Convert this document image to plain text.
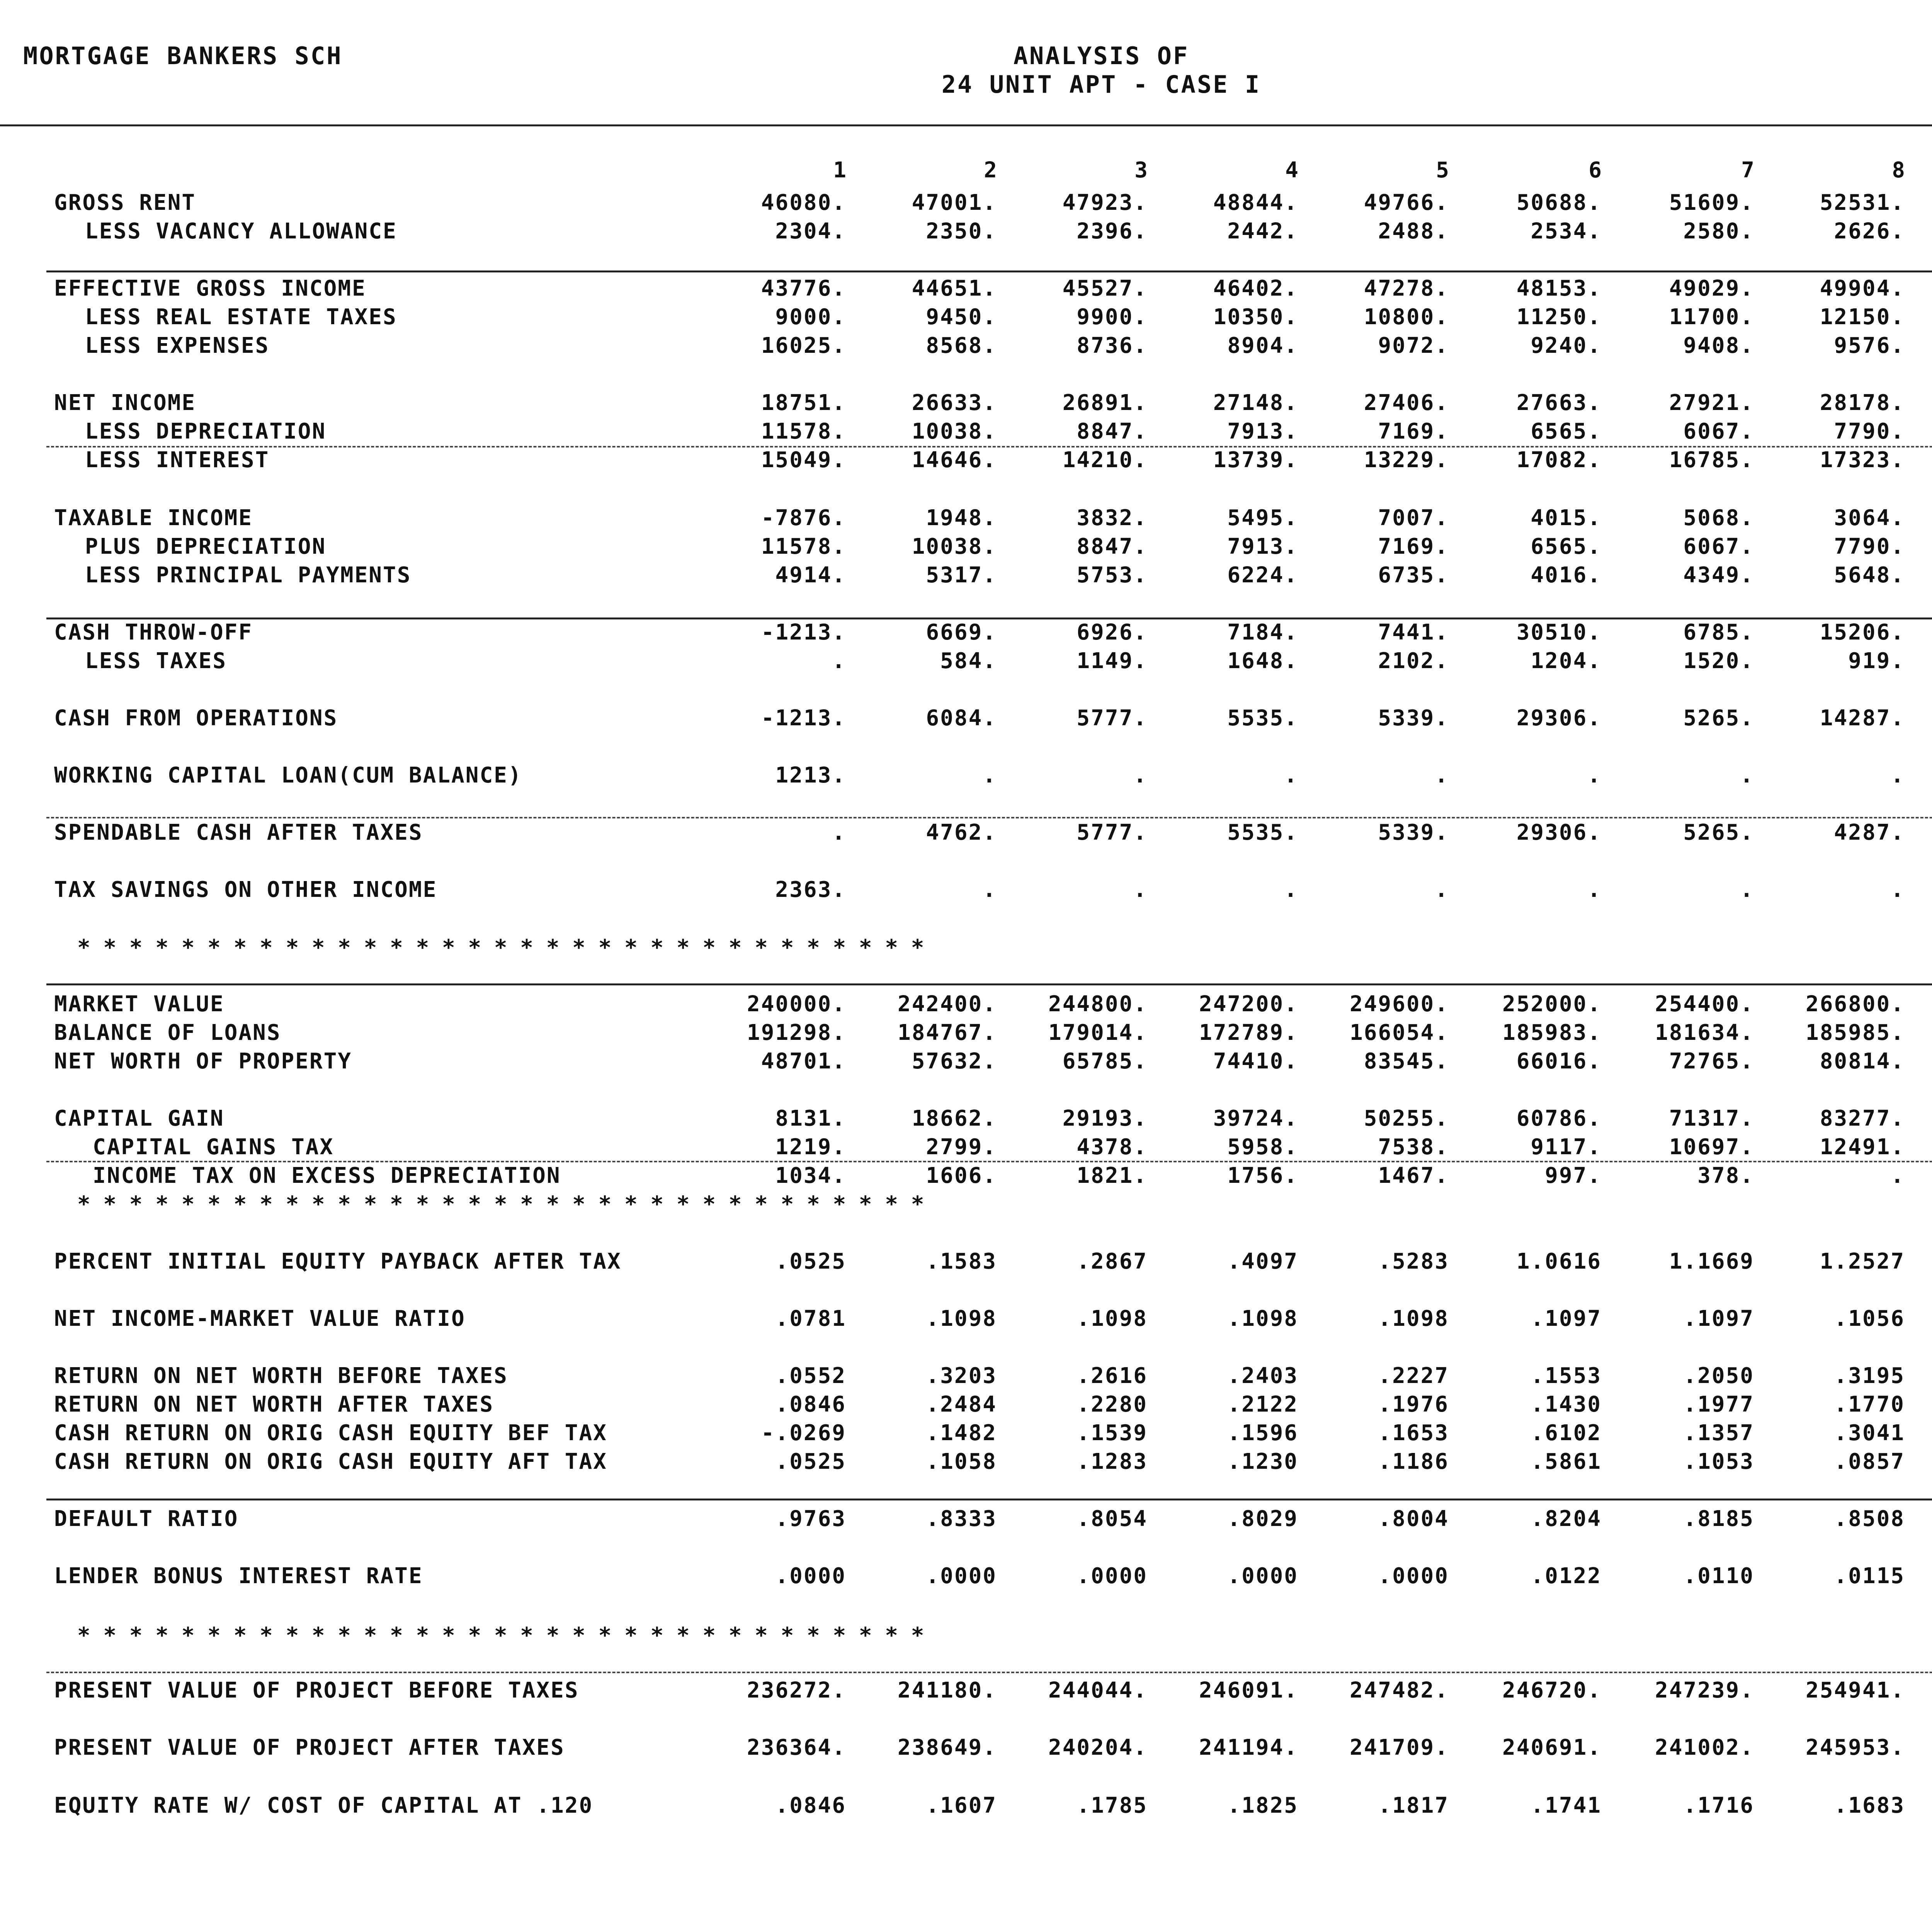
MORTGAGE BANKERS SCH	ANALYSIS OF
24 UNIT APT - CASE I
1	2	3	4	5	6	7	8
GROSS RENT	46080.	47001.	47923.	48844.	49766.	50688.	51609.	52531.
LESS VACANCY ALLOWANCE	2304.	2350.	2396.	2442.	2488.	2534.	2580.	2626.
EFFECTIVE GROSS INCOME	43776.	44651.	45527.	46402.	47278.	48153.	49029.	49904.
LESS REAL ESTATE TAXES	9000.	9450.	9900.	10350.	10800.	11250.	11700.	12150.
LESS EXPENSES	16025.	8568.	8736.	8904.	9072.	9240.	9408.	9576.
NET INCOME	18751.	26633.	26891.	27148.	27406.	27663.	27921.	28178.
LESS DEPRECIATION	11578.	10038.	8847.	7913.	7169.	6565.	6067.	7790.
LESS INTEREST	15049.	14646.	14210.	13739.	13229.	17082.	16785.	17323.
TAXABLE INCOME	-7876.	1948.	3832.	5495.	7007.	4015.	5068.	3064.
PLUS DEPRECIATION	11578.	10038.	8847.	7913.	7169.	6565.	6067.	7790.
LESS PRINCIPAL PAYMENTS	4914.	5317.	5753.	6224.	6735.	4016.	4349.	5648.
CASH THROW-OFF	-1213.	6669.	6926.	7184.	7441.	30510.	6785.	15206.
LESS TAXES	.	584.	1149.	1648.	2102.	1204.	1520.	919.
CASH FROM OPERATIONS	-1213.	6084.	5777.	5535.	5339.	29306.	5265.	14287.
WORKING CAPITAL LOAN(CUM BALANCE)	1213.	.	.	.	.	.	.	.
SPENDABLE CASH AFTER TAXES	.	4762.	5777.	5535.	5339.	29306.	5265.	4287.
TAX SAVINGS ON OTHER INCOME	2363.	.	.	.	.	.	.	.
MARKET VALUE	240000.	242400.	244800.	247200.	249600.	252000.	254400.	266800.
BALANCE OF LOANS	191298.	184767.	179014.	172789.	166054.	185983.	181634.	185985.
NET WORTH OF PROPERTY	48701.	57632.	65785.	74410.	83545.	66016.	72765.	80814.
CAPITAL GAIN	8131.	18662.	29193.	39724.	50255.	60786.	71317.	83277.
CAPITAL GAINS TAX	1219.	2799.	4378.	5958.	7538.	9117.	10697.	12491.
INCOME TAX ON EXCESS DEPRECIATION	1034.	1606.	1821.	1756.	1467.	997.	378.	.
PERCENT INITIAL EQUITY PAYBACK AFTER TAX	.0525	.1583	.2867	.4097	.5283	1.0616	1.1669	1.2527
NET INCOME-MARKET VALUE RATIO	.0781	.1098	.1098	.1098	.1098	.1097	.1097	.1056
RETURN ON NET WORTH BEFORE TAXES	.0552	.3203	.2616	.2403	.2227	.1553	.2050	.3195
RETURN ON NET WORTH AFTER TAXES	.0846	.2484	.2280	.2122	.1976	.1430	.1977	.1770
CASH RETURN ON ORIG CASH EQUITY BEF TAX	-.0269	.1482	.1539	.1596	.1653	.6102	.1357	.3041
CASH RETURN ON ORIG CASH EQUITY AFT TAX	.0525	.1058	.1283	.1230	.1186	.5861	.1053	.0857
DEFAULT RATIO	.9763	.8333	.8054	.8029	.8004	.8204	.8185	.8508
LENDER BONUS INTEREST RATE	.0000	.0000	.0000	.0000	.0000	.0122	.0110	.0115
PRESENT VALUE OF PROJECT BEFORE TAXES	236272.	241180.	244044.	246091.	247482.	246720.	247239.	254941.
PRESENT VALUE OF PROJECT AFTER TAXES	236364.	238649.	240204.	241194.	241709.	240691.	241002.	245953.
EQUITY RATE W/ COST OF CAPITAL AT .120	.0846	.1607	.1785	.1825	.1817	.1741	.1716	.1683
* * * * * * * * * * * * * * * * * * * * * * * * * * * * * * * * *
* * * * * * * * * * * * * * * * * * * * * * * * * * * * * * * * *
* * * * * * * * * * * * * * * * * * * * * * * * * * * * * * * * *
